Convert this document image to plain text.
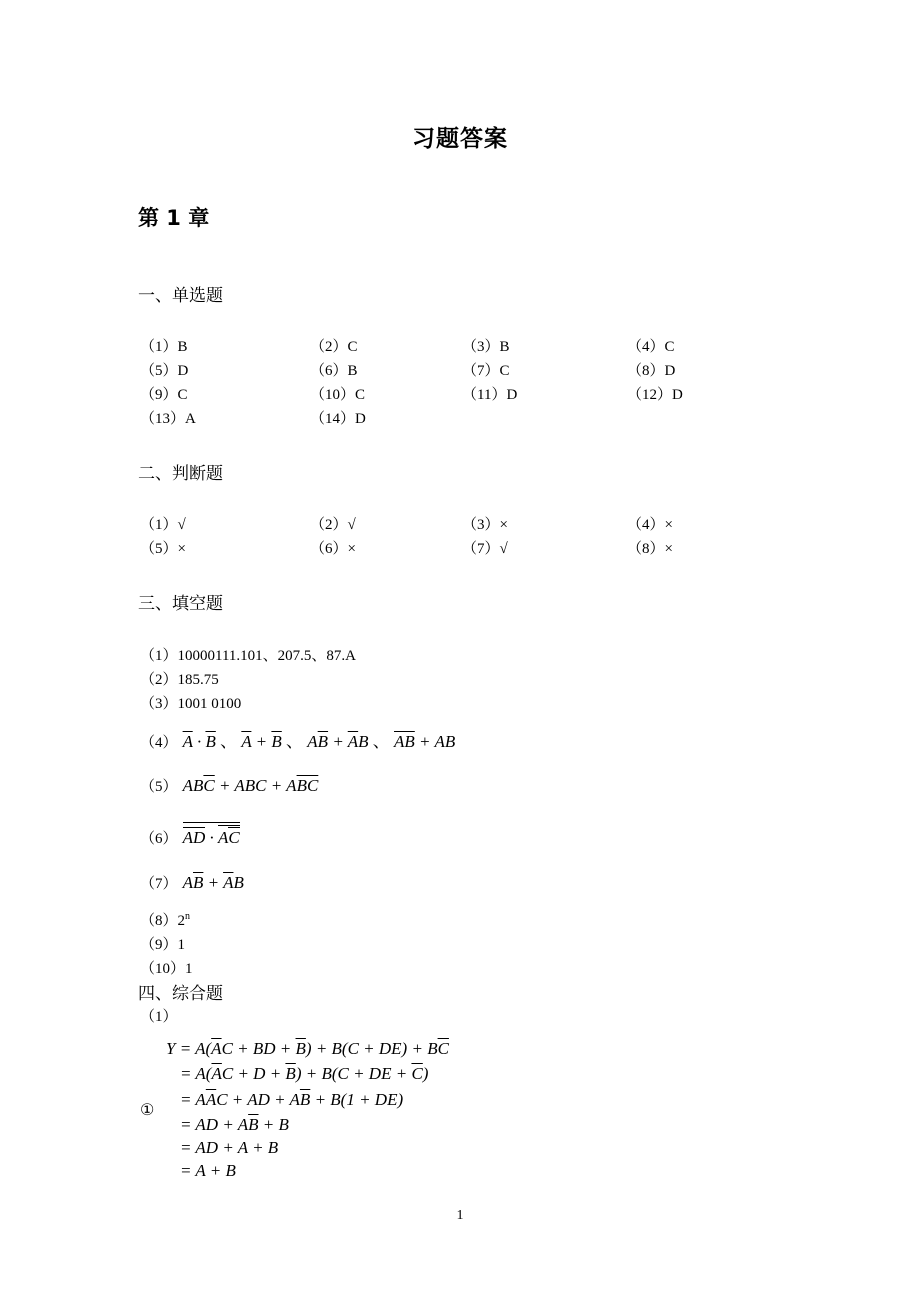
习题答案
第 1 章
一、单选题
（1）B	（2）C	（3）B	（4）C
（5）D	（6）B	（7）C	（8）D
（9）C	（10）C	（11）D	（12）D
（13）A	（14）D
二、判断题
（1）√	（2）√	（3）×	（4）×
（5）×	（6）×	（7）√	（8）×
三、填空题
（1）10000111.101、207.5、87.A
（2）185.75
（3）1001 0100
（4） $\overline{A} \cdot \overline{B}$ 、 $\overline{A} + \overline{B}$ 、 $A\overline{B} + \overline{A}B$ 、 $\overline{AB}$ + AB
（5） $AB\overline{C}$ + ABC + $A\overline{BC}$
（6） AD · AC
（7） $A\overline{B} + \overline{A}B$
（8）2$^n$
（9）1
（10）1
四、综合题
（1）
①
$Y = A(\overline{A}C$ + BD + $\overline{B}) + B(C + DE) + B\overline{C}$
= $A(\overline{A}C + D + \overline{B}) + B(C$ + DE + $\overline{C}$)
= $A\overline{A}C$ + AD + $A\overline{B} + B(1 + DE)$
= AD + $A\overline{B} + B$
= AD + A + B
= A + B
1
